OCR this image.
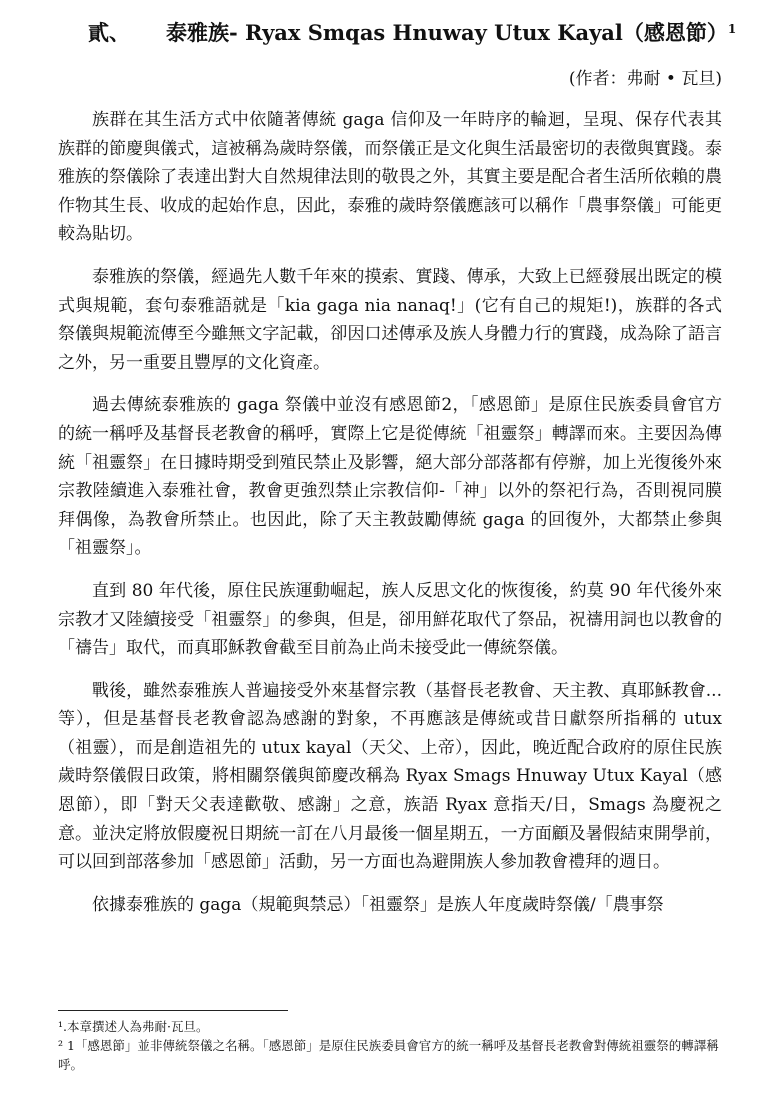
貳、 泰雅族- Ryax Smqas Hnuway Utux Kayal（感恩節）$^1$
(作者：弗耐 • 瓦旦)

族群在其生活方式中依隨著傳統 gaga 信仰及一年時序的輪迴，呈現、保存代表其族群的節慶與儀式，這被稱為歲時祭儀，而祭儀正是文化與生活最密切的表徵與實踐。泰雅族的祭儀除了表達出對大自然規律法則的敬畏之外，其實主要是配合者生活所依賴的農作物其生長、收成的起始作息，因此，泰雅的歲時祭儀應該可以稱作「農事祭儀」可能更較為貼切。

泰雅族的祭儀，經過先人數千年來的摸索、實踐、傳承，大致上已經發展出既定的模式與規範，套句泰雅語就是「kia gaga nia nanaq!」(它有自己的規矩!)，族群的各式祭儀與規範流傳至今雖無文字記載，卻因口述傳承及族人身體力行的實踐，成為除了語言之外，另一重要且豐厚的文化資產。

過去傳統泰雅族的 gaga 祭儀中並沒有感恩節2，「感恩節」是原住民族委員會官方的統一稱呼及基督長老教會的稱呼，實際上它是從傳統「祖靈祭」轉譯而來。主要因為傳統「祖靈祭」在日據時期受到殖民禁止及影響，絕大部分部落都有停辦，加上光復後外來宗教陸續進入泰雅社會，教會更強烈禁止宗教信仰-「神」以外的祭祀行為，否則視同膜拜偶像，為教會所禁止。也因此，除了天主教鼓勵傳統 gaga 的回復外，大都禁止參與「祖靈祭」。

直到 80 年代後，原住民族運動崛起，族人反思文化的恢復後，約莫 90 年代後外來宗教才又陸續接受「祖靈祭」的參與，但是，卻用鮮花取代了祭品，祝禱用詞也以教會的「禱告」取代，而真耶穌教會截至目前為止尚未接受此一傳統祭儀。

戰後，雖然泰雅族人普遍接受外來基督宗教（基督長老教會、天主教、真耶穌教會...等），但是基督長老教會認為感謝的對象，不再應該是傳統或昔日獻祭所指稱的 utux（祖靈），而是創造祖先的 utux kayal（天父、上帝），因此，晚近配合政府的原住民族歲時祭儀假日政策，將相關祭儀與節慶改稱為 Ryax Smags Hnuway Utux Kayal（感恩節），即「對天父表達歡敬、感謝」之意，族語 Ryax 意指天/日，Smags 為慶祝之意。並決定將放假慶祝日期統一訂在八月最後一個星期五，一方面顧及暑假結束開學前，可以回到部落參加「感恩節」活動，另一方面也為避開族人參加教會禮拜的週日。

依據泰雅族的 gaga（規範與禁忌）「祖靈祭」是族人年度歲時祭儀/「農事祭

¹.本章撰述人為弗耐·瓦旦。
² 1「感恩節」並非傳統祭儀之名稱。「感恩節」是原住民族委員會官方的統一稱呼及基督長老教會對傳統祖靈祭的轉譯稱呼。
